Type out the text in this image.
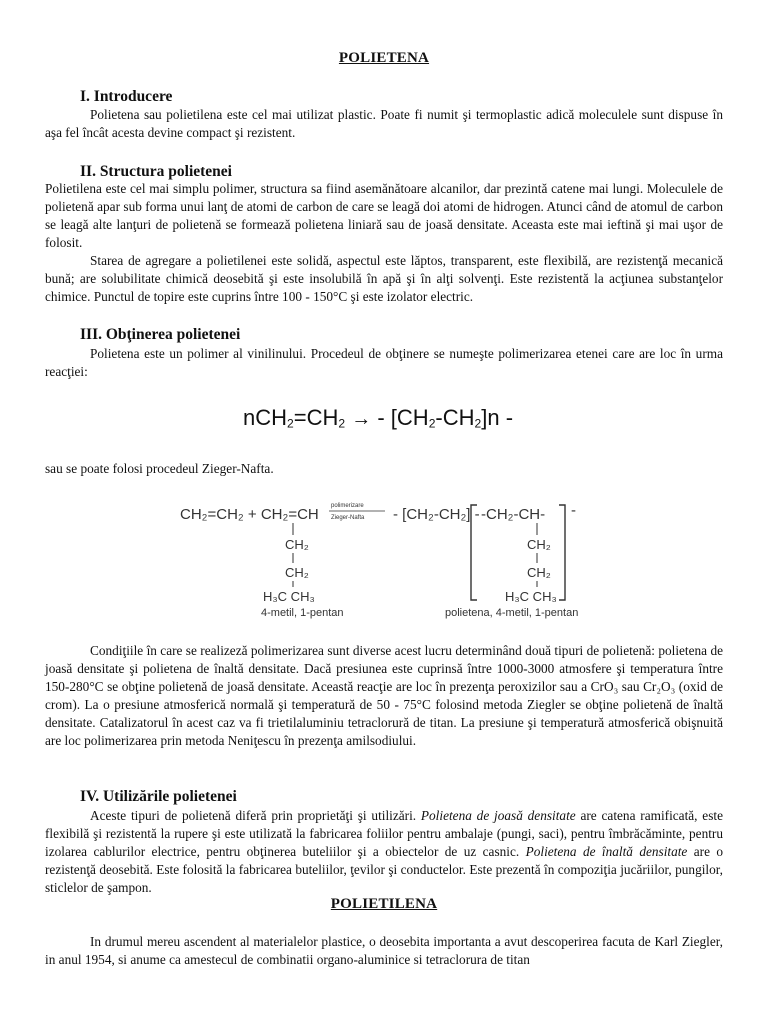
POLIETENA
I. Introducere
Polietena sau polietilena este cel mai utilizat plastic. Poate fi numit şi termoplastic adică moleculele sunt dispuse în aşa fel încât acesta devine compact şi rezistent.
II. Structura polietenei
Polietilena este cel mai simplu polimer, structura sa fiind asemănătoare alcanilor, dar prezintă catene mai lungi. Moleculele de polietenă apar sub forma unui lanţ de atomi de carbon de care se leagă doi atomi de hidrogen. Atunci când de atomul de carbon se leagă alte lanţuri de polietenă se formează polietena liniară sau de joasă densitate. Aceasta este mai ieftină şi mai uşor de folosit.
Starea de agregare a polietilenei este solidă, aspectul este lăptos, transparent, este flexibilă, are rezistenţă mecanică bună; are solubilitate chimică deosebită şi este insolubilă în apă şi în alţi solvenţi. Este rezistentă la acţiunea substanţelor chimice. Punctul de topire este cuprins între 100 - 150°C şi este izolator electric.
III. Obţinerea polietenei
Polietena este un polimer al vinilinului. Procedeul de obţinere se numeşte polimerizarea etenei care are loc în urma reacţiei:
$nCH_2=CH_2$ → - $[CH_2-CH_2]n$ -
sau se poate folosi procedeul Zieger-Nafta.
CH₂=CH₂ + CH₂=CH polimerizare
Zieger-Nafta - [CH₂-CH₂] - -CH₂-CH- -
CH₂
CH₂
H₃C CH₃
4-metil, 1-pentan
CH₂
CH₂
H₃C CH₃
polietena, 4-metil, 1-pentan
Condiţiile în care se realizeză polimerizarea sunt diverse acest lucru determinând două tipuri de polietenă: polietena de joasă densitate şi polietena de înaltă densitate. Dacă presiunea este cuprinsă între 1000-3000 atmosfere şi temperatura între 150-280°C se obţine polietenă de joasă densitate. Această reacţie are loc în prezenţa peroxizilor sau a CrO₃ sau Cr₂O₃ (oxid de crom). La o presiune atmosferică normală şi temperatură de 50 - 75°C folosind metoda Ziegler se obţine polietenă de înaltă densitate. Catalizatorul în acest caz va fi trietilaluminiu tetraclorură de titan. La presiune şi temperatură atmosferică obişnuită are loc polimerizarea prin metoda Neniţescu în prezenţa amilsodiului.
IV. Utilizările polietenei
Aceste tipuri de polietenă diferă prin proprietăţi şi utilizări. Polietena de joasă densitate are catena ramificată, este flexibilă şi rezistentă la rupere şi este utilizată la fabricarea foliilor pentru ambalaje (pungi, saci), pentru îmbrăcăminte, pentru izolarea cablurilor electrice, pentru obţinerea buteliilor şi a obiectelor de uz casnic. Polietena de înaltă densitate are o rezistenţă deosebită. Este folosită la fabricarea buteliilor, ţevilor şi conductelor. Este prezentă în compoziţia jucăriilor, pungilor, sticlelor de şampon.
POLIETILENA
In drumul mereu ascendent al materialelor plastice, o deosebita importanta a avut descoperirea facuta de Karl Ziegler, in anul 1954, si anume ca amestecul de combinatii organo-aluminice si tetraclorura de titan
